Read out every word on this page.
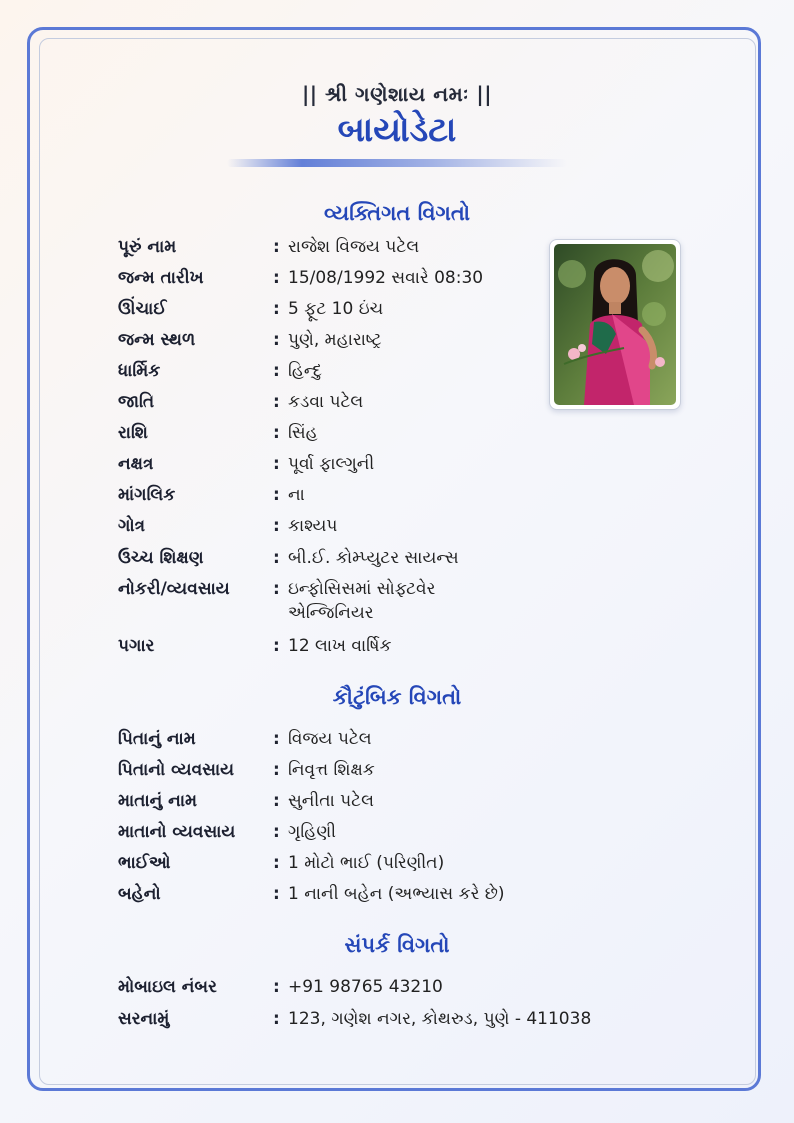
|| શ્રી ગણેશાય નમઃ ||
બાયોડેટા
વ્યક્તિગત વિગતો
પૂરું નામ	: રાજેશ વિજય પટેલ
જન્મ તારીખ	: 15/08/1992 સવારે 08:30
ઊંચાઈ	: 5 ફૂટ 10 ઇંચ
જન્મ સ્થળ	: પુણે, મહારાષ્ટ્ર
ધાર્મિક	: હિન્દુ
જાતિ	: કડવા પટેલ
રાશિ	: સિંહ
નક્ષત્ર	: પૂર્વા ફાલ્ગુની
માંગલિક	: ના
ગોત્ર	: કાશ્યપ
ઉચ્ચ શિક્ષણ	: બી.ઈ. કોમ્પ્યુટર સાયન્સ
નોકરી/વ્યવસાય	: ઇન્ફોસિસમાં સોફ્ટવેર એન્જિનિયર
પગાર	: 12 લાખ વાર્ષિક
કૌટુંબિક વિગતો
પિતાનું નામ	: વિજય પટેલ
પિતાનો વ્યવસાય	: નિવૃત્ત શિક્ષક
માતાનું નામ	: સુનીતા પટેલ
માતાનો વ્યવસાય	: ગૃહિણી
ભાઈઓ	: 1 મોટો ભાઈ (પરિણીત)
બહેનો	: 1 નાની બહેન (અભ્યાસ કરે છે)
સંપર્ક વિગતો
મોબાઇલ નંબર	: +91 98765 43210
સરનામું	: 123, ગણેશ નગર, કોથરુડ, પુણે - 411038
